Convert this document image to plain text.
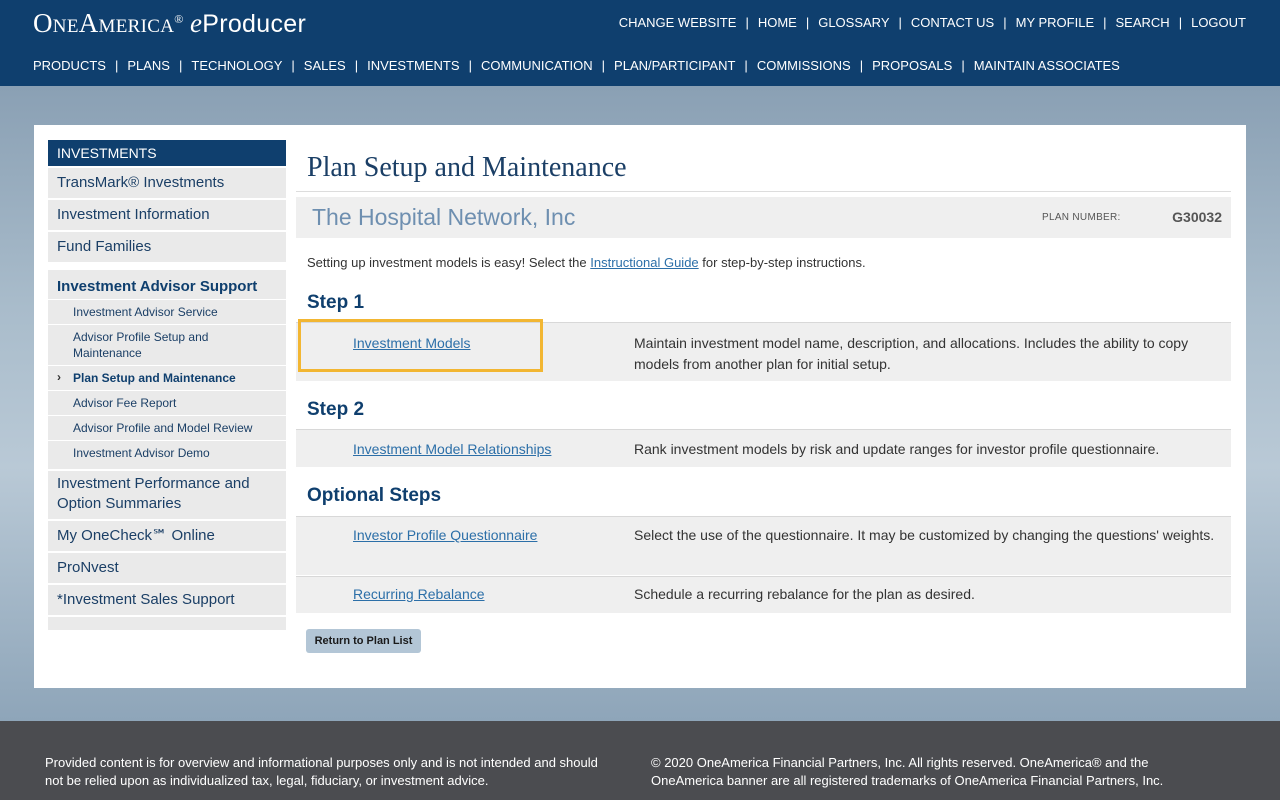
OneAmerica® eProducer	CHANGE WEBSITE | HOME | GLOSSARY | CONTACT US | MY PROFILE | SEARCH | LOGOUT
PRODUCTS | PLANS | TECHNOLOGY | SALES | INVESTMENTS | COMMUNICATION | PLAN/PARTICIPANT | COMMISSIONS | PROPOSALS | MAINTAIN ASSOCIATES
INVESTMENTS
TransMark® Investments
Investment Information
Fund Families
Investment Advisor Support
Investment Advisor Service
Advisor Profile Setup and Maintenance
› Plan Setup and Maintenance
Advisor Fee Report
Advisor Profile and Model Review
Investment Advisor Demo
Investment Performance and Option Summaries
My OneCheck℠ Online
ProNvest
*Investment Sales Support
Plan Setup and Maintenance
The Hospital Network, Inc	PLAN NUMBER:	G30032
Setting up investment models is easy! Select the Instructional Guide for step-by-step instructions.
Step 1
Investment Models	Maintain investment model name, description, and allocations. Includes the ability to copy models from another plan for initial setup.
Step 2
Investment Model Relationships	Rank investment models by risk and update ranges for investor profile questionnaire.
Optional Steps
Investor Profile Questionnaire	Select the use of the questionnaire. It may be customized by changing the questions' weights.
Recurring Rebalance	Schedule a recurring rebalance for the plan as desired.
Return to Plan List
Provided content is for overview and informational purposes only and is not intended and should not be relied upon as individualized tax, legal, fiduciary, or investment advice.
© 2020 OneAmerica Financial Partners, Inc. All rights reserved. OneAmerica® and the OneAmerica banner are all registered trademarks of OneAmerica Financial Partners, Inc.
